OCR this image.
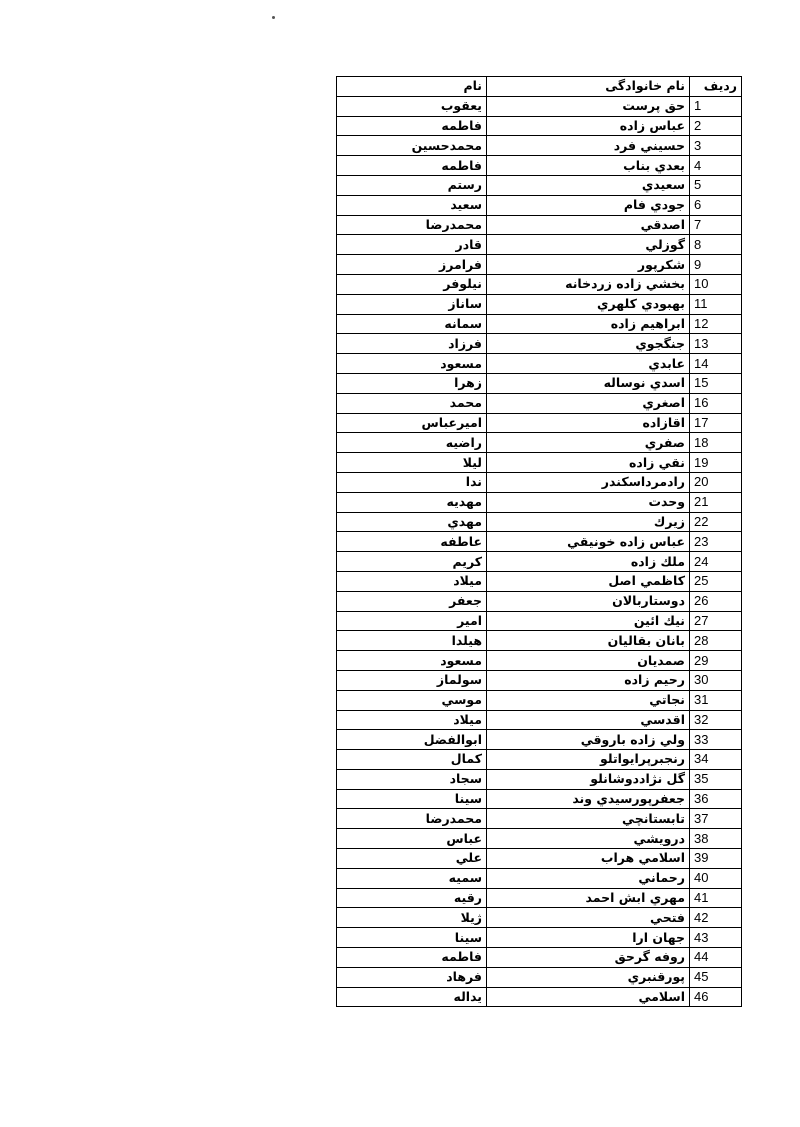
رديف	نام خانوادگی	نام
1	حق پرست	يعقوب
2	عباس زاده	فاطمه
3	حسيني فرد	محمدحسين
4	بعدي بناب	فاطمه
5	سعيدي	رستم
6	جودي فام	سعيد
7	اصدقي	محمدرضا
8	گوزلي	قادر
9	شكرپور	فرامرز
10	بخشي زاده زردخانه	نيلوفر
11	بهبودي كلهري	ساناز
12	ابراهيم زاده	سمانه
13	جنگجوي	فرزاد
14	عابدي	مسعود
15	اسدي نوساله	زهرا
16	اصغري	محمد
17	اقازاده	اميرعباس
18	صفري	راضيه
19	نقي زاده	ليلا
20	رادمرداسكندر	ندا
21	وحدت	مهديه
22	زيرك	مهدي
23	عباس زاده خونيقي	عاطفه
24	ملك زاده	كريم
25	كاظمي اصل	ميلاد
26	دوستاربالان	جعفر
27	نيك ائين	امير
28	بانان بقاليان	هيلدا
29	صمديان	مسعود
30	رحيم زاده	سولماز
31	نجاتي	موسي
32	اقدسي	ميلاد
33	ولي زاده باروقي	ابوالفضل
34	رنجبرپرايواتلو	كمال
35	گل نژاددوشانلو	سجاد
36	جعفرپورسيدي وند	سينا
37	تابستانچي	محمدرضا
38	درويشي	عباس
39	اسلامي هراب	علي
40	رحماني	سميه
41	مهري ابش احمد	رقيه
42	فتحي	ژيلا
43	جهان ارا	سينا
44	روفه گرحق	فاطمه
45	پورقنبري	فرهاد
46	اسلامي	يداله
